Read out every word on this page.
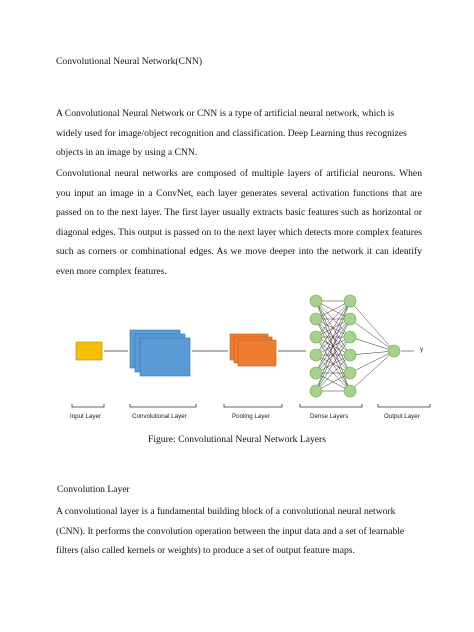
Convolutional Neural Network(CNN)

A Convolutional Neural Network or CNN is a type of artificial neural network, which is widely used for image/object recognition and classification. Deep Learning thus recognizes objects in an image by using a CNN.

Convolutional neural networks are composed of multiple layers of artificial neurons. When you input an image in a ConvNet, each layer generates several activation functions that are passed on to the next layer. The first layer usually extracts basic features such as horizontal or diagonal edges. This output is passed on to the next layer which detects more complex features such as corners or combinational edges. As we move deeper into the network it can identify even more complex features.

y
Input Layer	Convolutional Layer	Pooling Layer	Dense Layers	Output Layer
Figure: Convolutional Neural Network Layers

Convolution Layer

A convolutional layer is a fundamental building block of a convolutional neural network (CNN). It performs the convolution operation between the input data and a set of learnable filters (also called kernels or weights) to produce a set of output feature maps.
